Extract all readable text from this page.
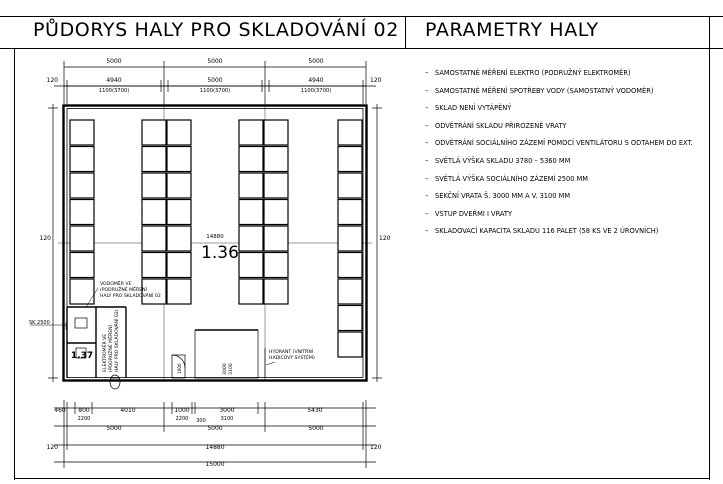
PŮDORYS HALY PRO SKLADOVÁNÍ 02 PARAMETRY HALY
– SAMOSTATNÉ MĚŘENÍ ELEKTRO (PODRUŽNÝ ELEKTROMĚR)
– SAMOSTATNÉ MĚŘENÍ SPOTŘEBY VODY (SAMOSTATNÝ VODOMĚR)
– SKLAD NENÍ VYTÁPĚNÝ
– ODVĚTRÁNÍ SKLADU PŘIROZENĚ VRATY
– ODVĚTRÁNÍ SOCIÁLNÍHO ZÁZEMÍ POMOCÍ VENTILÁTORU S ODTAHEM DO EXT.
– SVĚTLÁ VÝŠKA SKLADU 3780 – 5360 MM
– SVĚTLÁ VÝŠKA SOCIÁLNÍHO ZÁZEMÍ 2500 MM
– SEKČNÍ VRATA Š. 3000 MM A V. 3100 MM
– VSTUP DVEŘMI I VRATY
– SKLADOVACÍ KAPACITA SKLADU 116 PALET (58 KS VE 2 ÚROVNÍCH)
5000	5000	5000
120	120
4940	5000	4940
1100(3700)	1100(3700)	1100(3700)
120	120
14880
1.36
1.37
SK 2500
VODOMĚR VE
(PODRUŽNÉ MĚŘENÍ
HALY PRO SKLADOVÁNÍ 02
ELEKTROMĚR VE (PODRUŽNÉ MĚŘENÍ HALY PRO SKLADOVÁNÍ 02)	HYDRANT (VNITŘNÍ
HADICOVÝ SYSTÉM)
3000 3100
1000
460 800	4010	1000	3000	5430
2200	2200 300	3100
5000	5000	5000
120	120
14880
15000
